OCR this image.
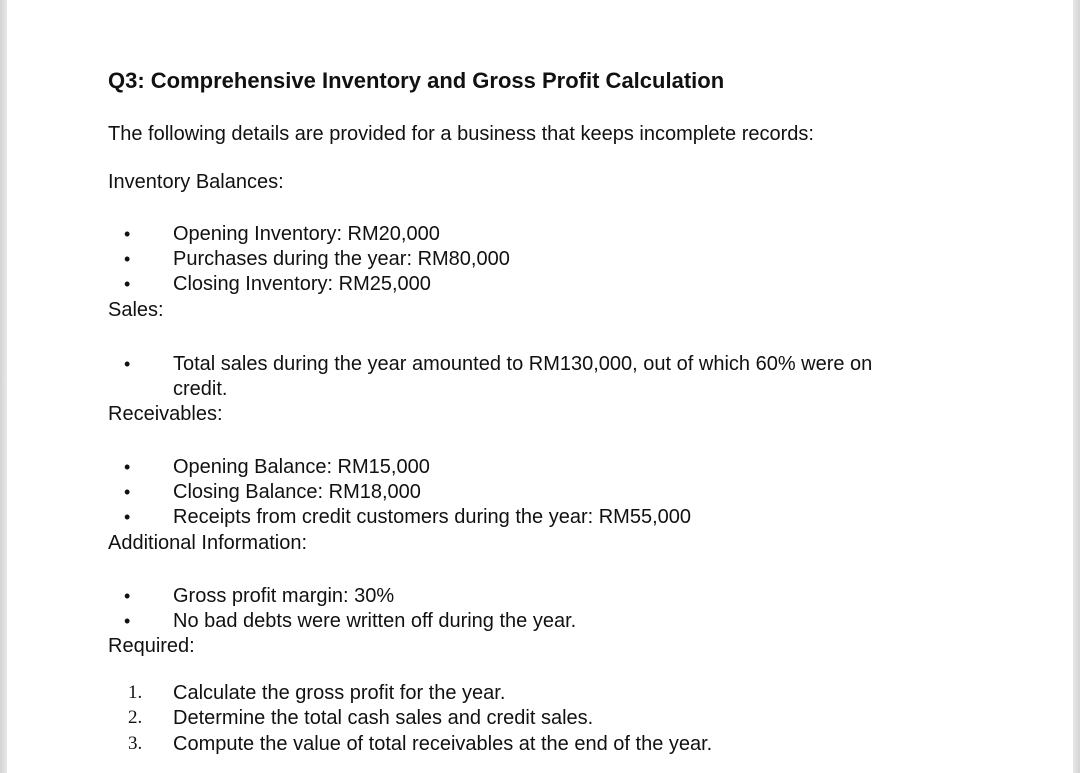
Q3: Comprehensive Inventory and Gross Profit Calculation
The following details are provided for a business that keeps incomplete records:
Inventory Balances:
• Opening Inventory: RM20,000
• Purchases during the year: RM80,000
• Closing Inventory: RM25,000
Sales:
• Total sales during the year amounted to RM130,000, out of which 60% were on
credit.
Receivables:
• Opening Balance: RM15,000
• Closing Balance: RM18,000
• Receipts from credit customers during the year: RM55,000
Additional Information:
• Gross profit margin: 30%
• No bad debts were written off during the year.
Required:
1. Calculate the gross profit for the year.
2. Determine the total cash sales and credit sales.
3. Compute the value of total receivables at the end of the year.
